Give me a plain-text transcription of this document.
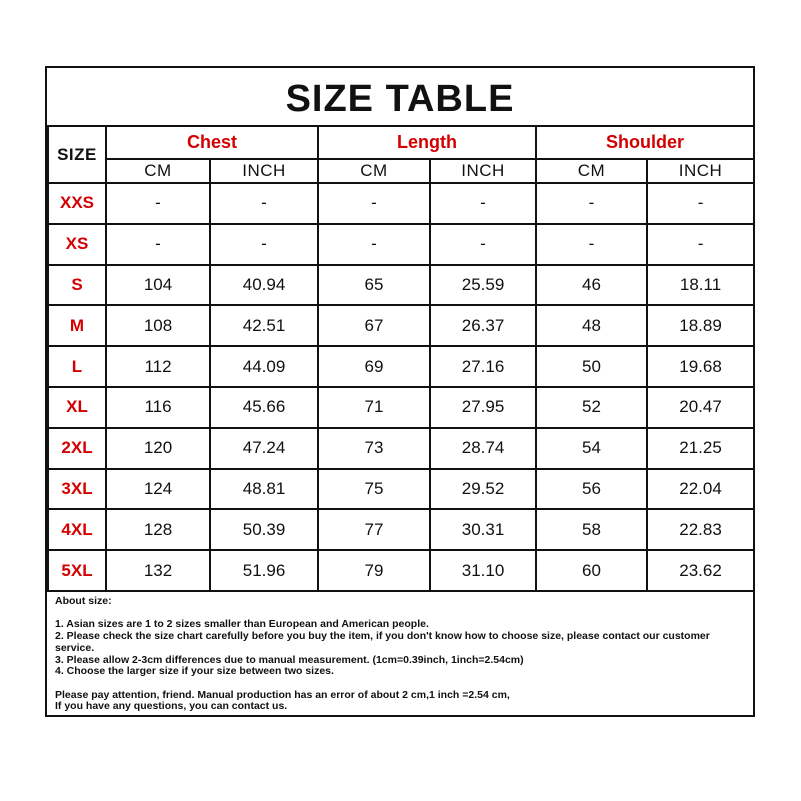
SIZE TABLE
SIZE	Chest		Length		Shoulder	
	CM	INCH	CM	INCH	CM	INCH
XXS	-	-	-	-	-	-
XS	-	-	-	-	-	-
S	104	40.94	65	25.59	46	18.11
M	108	42.51	67	26.37	48	18.89
L	112	44.09	69	27.16	50	19.68
XL	116	45.66	71	27.95	52	20.47
2XL	120	47.24	73	28.74	54	21.25
3XL	124	48.81	75	29.52	56	22.04
4XL	128	50.39	77	30.31	58	22.83
5XL	132	51.96	79	31.10	60	23.62
About size:
1. Asian sizes are 1 to 2 sizes smaller than European and American people.
2. Please check the size chart carefully before you buy the item, if you don't know how to choose size, please contact our customer service.
3. Please allow 2-3cm differences due to manual measurement. (1cm=0.39inch, 1inch=2.54cm)
4. Choose the larger size if your size between two sizes.
Please pay attention, friend. Manual production has an error of about 2 cm,1 inch =2.54 cm,
If you have any questions, you can contact us.
